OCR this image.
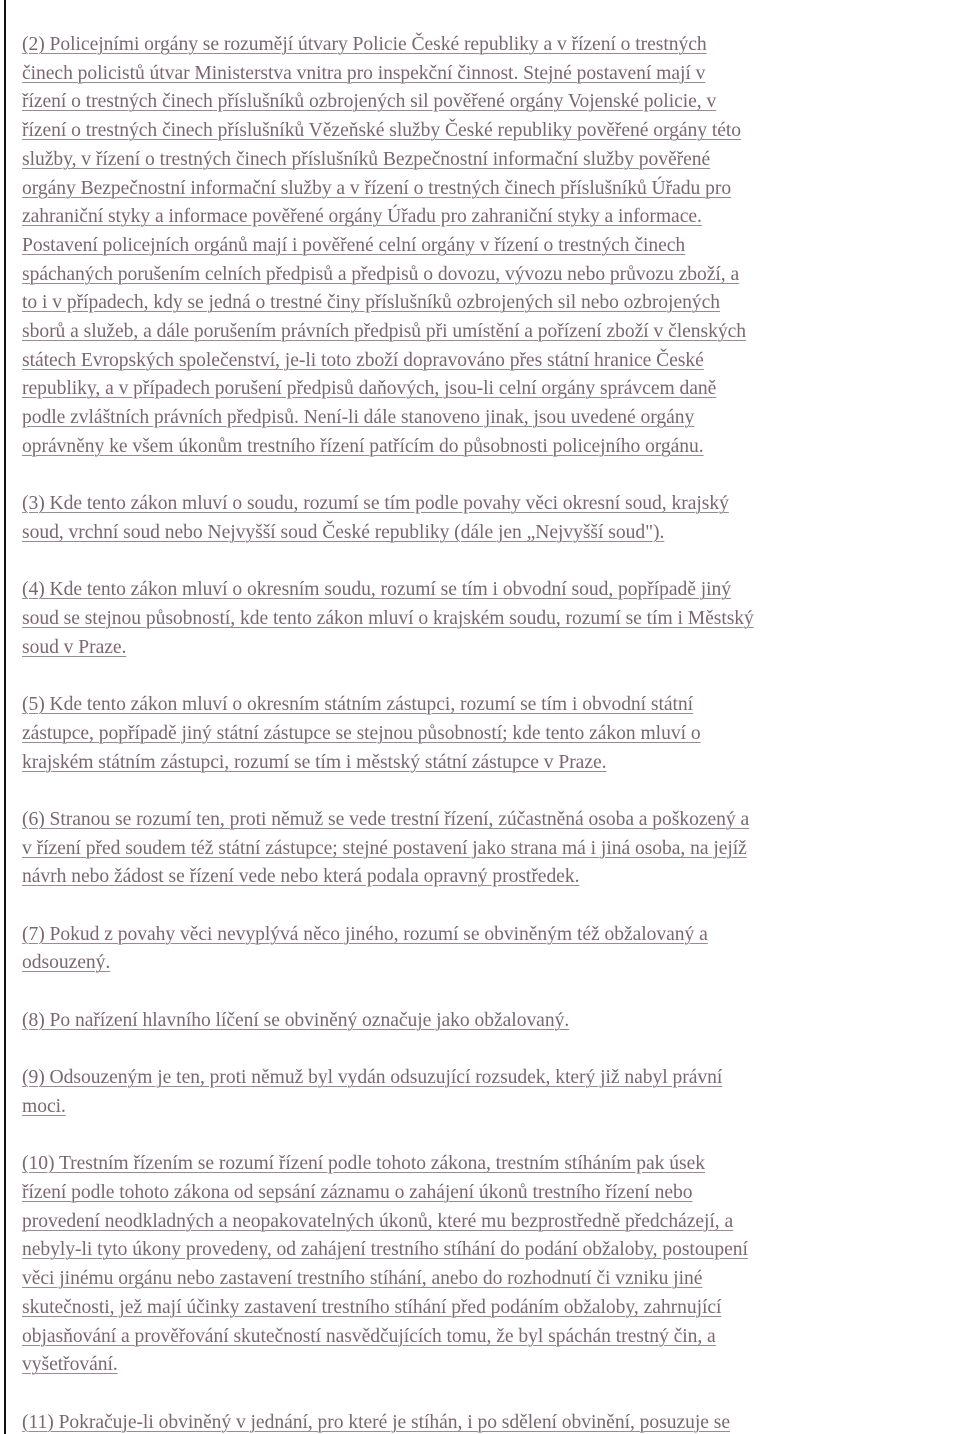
(2) Policejními orgány se rozumějí útvary Policie České republiky a v řízení o trestných
činech policistů útvar Ministerstva vnitra pro inspekční činnost. Stejné postavení mají v
řízení o trestných činech příslušníků ozbrojených sil pověřené orgány Vojenské policie, v
řízení o trestných činech příslušníků Vězeňské služby České republiky pověřené orgány této
služby, v řízení o trestných činech příslušníků Bezpečnostní informační služby pověřené
orgány Bezpečnostní informační služby a v řízení o trestných činech příslušníků Úřadu pro
zahraniční styky a informace pověřené orgány Úřadu pro zahraniční styky a informace.
Postavení policejních orgánů mají i pověřené celní orgány v řízení o trestných činech
spáchaných porušením celních předpisů a předpisů o dovozu, vývozu nebo průvozu zboží, a
to i v případech, kdy se jedná o trestné činy příslušníků ozbrojených sil nebo ozbrojených
sborů a služeb, a dále porušením právních předpisů při umístění a pořízení zboží v členských
státech Evropských společenství, je-li toto zboží dopravováno přes státní hranice České
republiky, a v případech porušení předpisů daňových, jsou-li celní orgány správcem daně
podle zvláštních právních předpisů. Není-li dále stanoveno jinak, jsou uvedené orgány
oprávněny ke všem úkonům trestního řízení patřícím do působnosti policejního orgánu.

(3) Kde tento zákon mluví o soudu, rozumí se tím podle povahy věci okresní soud, krajský
soud, vrchní soud nebo Nejvyšší soud České republiky (dále jen „Nejvyšší soud").

(4) Kde tento zákon mluví o okresním soudu, rozumí se tím i obvodní soud, popřípadě jiný
soud se stejnou působností, kde tento zákon mluví o krajském soudu, rozumí se tím i Městský
soud v Praze.

(5) Kde tento zákon mluví o okresním státním zástupci, rozumí se tím i obvodní státní
zástupce, popřípadě jiný státní zástupce se stejnou působností; kde tento zákon mluví o
krajském státním zástupci, rozumí se tím i městský státní zástupce v Praze.

(6) Stranou se rozumí ten, proti němuž se vede trestní řízení, zúčastněná osoba a poškozený a
v řízení před soudem též státní zástupce; stejné postavení jako strana má i jiná osoba, na jejíž
návrh nebo žádost se řízení vede nebo která podala opravný prostředek.

(7) Pokud z povahy věci nevyplývá něco jiného, rozumí se obviněným též obžalovaný a
odsouzený.

(8) Po nařízení hlavního líčení se obviněný označuje jako obžalovaný.

(9) Odsouzeným je ten, proti němuž byl vydán odsuzující rozsudek, který již nabyl právní
moci.

(10) Trestním řízením se rozumí řízení podle tohoto zákona, trestním stíháním pak úsek
řízení podle tohoto zákona od sepsání záznamu o zahájení úkonů trestního řízení nebo
provedení neodkladných a neopakovatelných úkonů, které mu bezprostředně předcházejí, a
nebyly-li tyto úkony provedeny, od zahájení trestního stíhání do podání obžaloby, postoupení
věci jinému orgánu nebo zastavení trestního stíhání, anebo do rozhodnutí či vzniku jiné
skutečnosti, jež mají účinky zastavení trestního stíhání před podáním obžaloby, zahrnující
objasňování a prověřování skutečností nasvědčujících tomu, že byl spáchán trestný čin, a
vyšetřování.

(11) Pokračuje-li obviněný v jednání, pro které je stíhán, i po sdělení obvinění, posuzuje se
